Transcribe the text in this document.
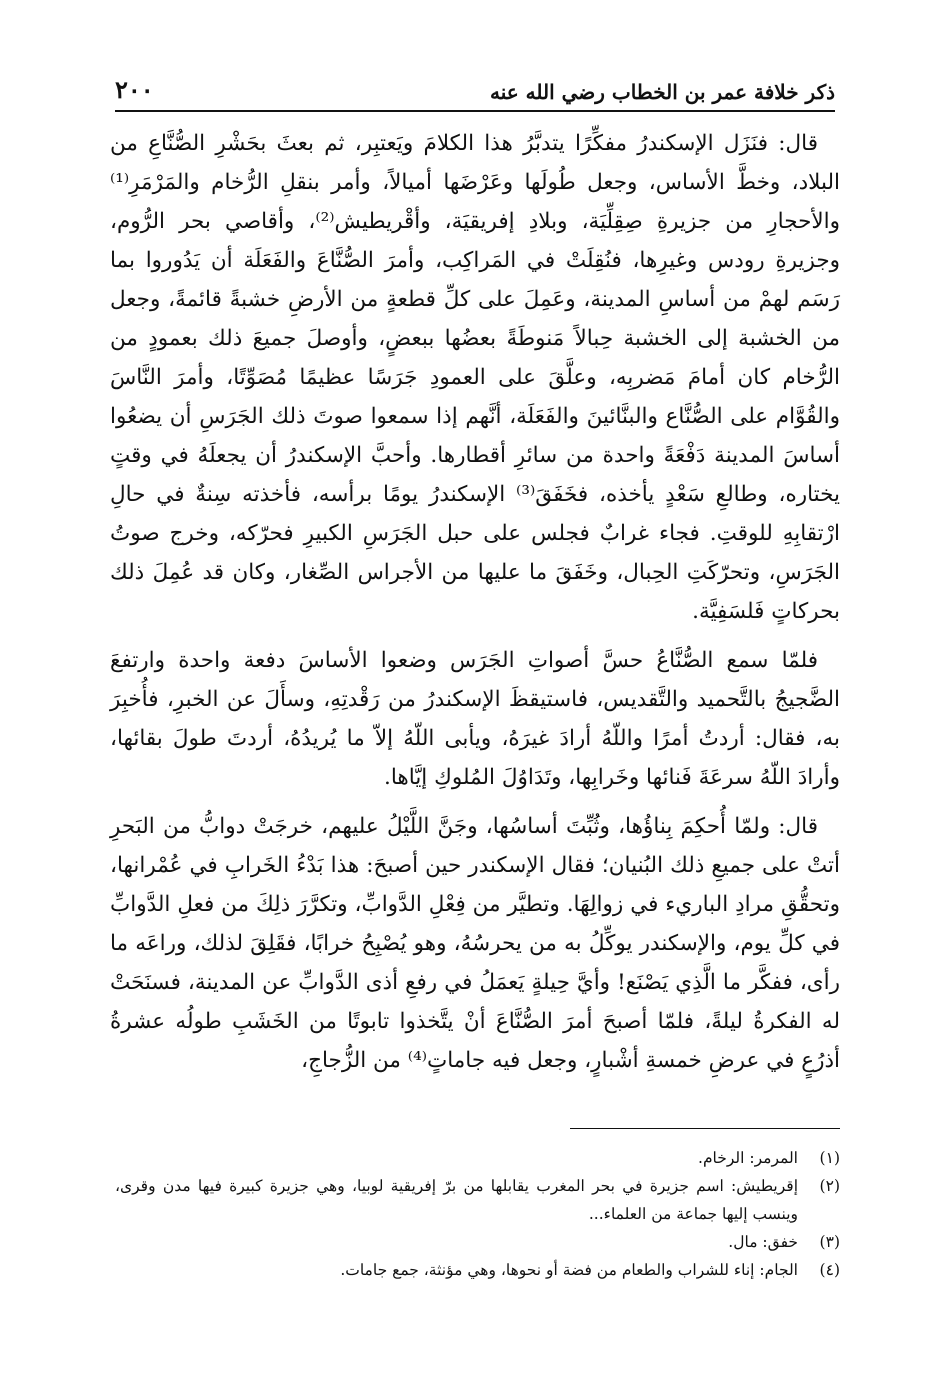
ذكر خلافة عمر بن الخطاب رضي الله عنه
٢٠٠

قال: فنَزَل الإسكندرُ مفكِّرًا يتدبَّرُ هذا الكلامَ ويَعتبِر، ثم بعثَ بحَشْرِ الصُّنَّاعِ من البلاد، وخطَّ الأساس، وجعل طُولَها وعَرْضَها أميالاً، وأمر بنقلِ الرُّخام والمَرْمَرِ⁽¹⁾ والأحجارِ من جزيرةِ صِقِلِّيَة، وبلادِ إفريقيَة، وأقْريطيش⁽²⁾، وأقاصي بحر الرُّوم، وجزيرةِ رودس وغيرِها، فنُقِلَتْ في المَراكِب، وأمرَ الصُّنَّاعَ والفَعَلَة أن يَدُوروا بما رَسَم لهمْ من أساسِ المدينة، وعَمِلَ على كلِّ قطعةٍ من الأرضِ خشبةً قائمةً، وجعل من الخشبة إلى الخشبة حِبالاً مَنوطَةً بعضُها ببعضٍ، وأوصلَ جميعَ ذلك بعمودٍ من الرُّخام كان أمامَ مَضربِه، وعلَّقَ على العمودِ جَرَسًا عظيمًا مُصَوِّتًا، وأمرَ النَّاسَ والقُوَّام على الصُّنَّاع والبنَّائينَ والفَعَلَة، أنَّهم إذا سمعوا صوتَ ذلك الجَرَسِ أن يضعُوا أساسَ المدينة دَفْعَةً واحدة من سائرِ أقطارها. وأحبَّ الإسكندرُ أن يجعلَهُ في وقتٍ يختاره، وطالعِ سَعْدٍ يأخذه، فخَفَقَ⁽³⁾ الإسكندرُ يومًا برأسه، فأخذته سِنةٌ في حالِ ارْتقابِهِ للوقتِ. فجاء غرابٌ فجلس على حبل الجَرَسِ الكبيرِ فحرّكه، وخرج صوتُ الجَرَسِ، وتحرّكَتِ الحِبال، وخَفَقَ ما عليها من الأجراس الصِّغار، وكان قد عُمِلَ ذلك بحركاتٍ فَلسَفِيَّة.

فلمّا سمع الصُّنَّاعُ حسَّ أصواتِ الجَرَس وضعوا الأساسَ دفعة واحدة وارتفعَ الضَّجيجُ بالتَّحميد والتَّقديس، فاستيقظَ الإسكندرُ من رَقْدتِهِ، وسأَلَ عن الخبرِ، فأُخبِرَ به، فقال: أردتُ أمرًا واللّهُ أرادَ غيرَهُ، ويأبى اللّهُ إلاّ ما يُريدُهُ، أردتَ طولَ بقائها، وأرادَ اللّهُ سرعَةَ فَنائها وخَرابِها، وتَدَاوُلَ المُلوكِ إيَّاها.

قال: ولمّا أُحكِمَ بِناؤُها، وثُبِّتَ أساسُها، وجَنَّ اللَّيْلُ عليهم، خرجَتْ دوابُّ من البَحرِ أتتْ على جميعِ ذلك البُنيان؛ فقال الإسكندر حين أصبحَ: هذا بَدْءُ الخَرابِ في عُمْرانها، وتحقُّقِ مرادِ الباريء في زوالِهَا. وتطيَّر من فِعْلِ الدَّوابِّ، وتكرَّرَ ذلِكَ من فعلِ الدَّوابِّ في كلِّ يوم، والإسكندر يوكِّلُ به من يحرسُهُ، وهو يُصْبِحُ خرابًا، فقَلِقَ لذلك، وراعَه ما رأى، ففكَّر ما الَّذِي يَصْنَع! وأيَّ حِيلةٍ يَعمَلُ في رفعِ أذى الدَّوابِّ عن المدينة، فسنَحَتْ له الفكرةُ ليلةً، فلمّا أصبحَ أمرَ الصُّنَّاعَ أنْ يتَّخذوا تابوتًا من الخَشَبِ طولُه عشرةُ أذرُعٍ في عرضِ خمسةِ أشْبارٍ، وجعل فيه جاماتٍ⁽⁴⁾ من الزُّجاجِ،

(١)
المرمر: الرخام.
(٢)
إقريطيش: اسم جزيرة في بحر المغرب يقابلها من برّ إفريقية لوبيا، وهي جزيرة كبيرة فيها مدن وقرى، وينسب إليها جماعة من العلماء...
(٣)
خفق: مال.
(٤)
الجام: إناء للشراب والطعام من فضة أو نحوها، وهي مؤنثة، جمع جامات.
